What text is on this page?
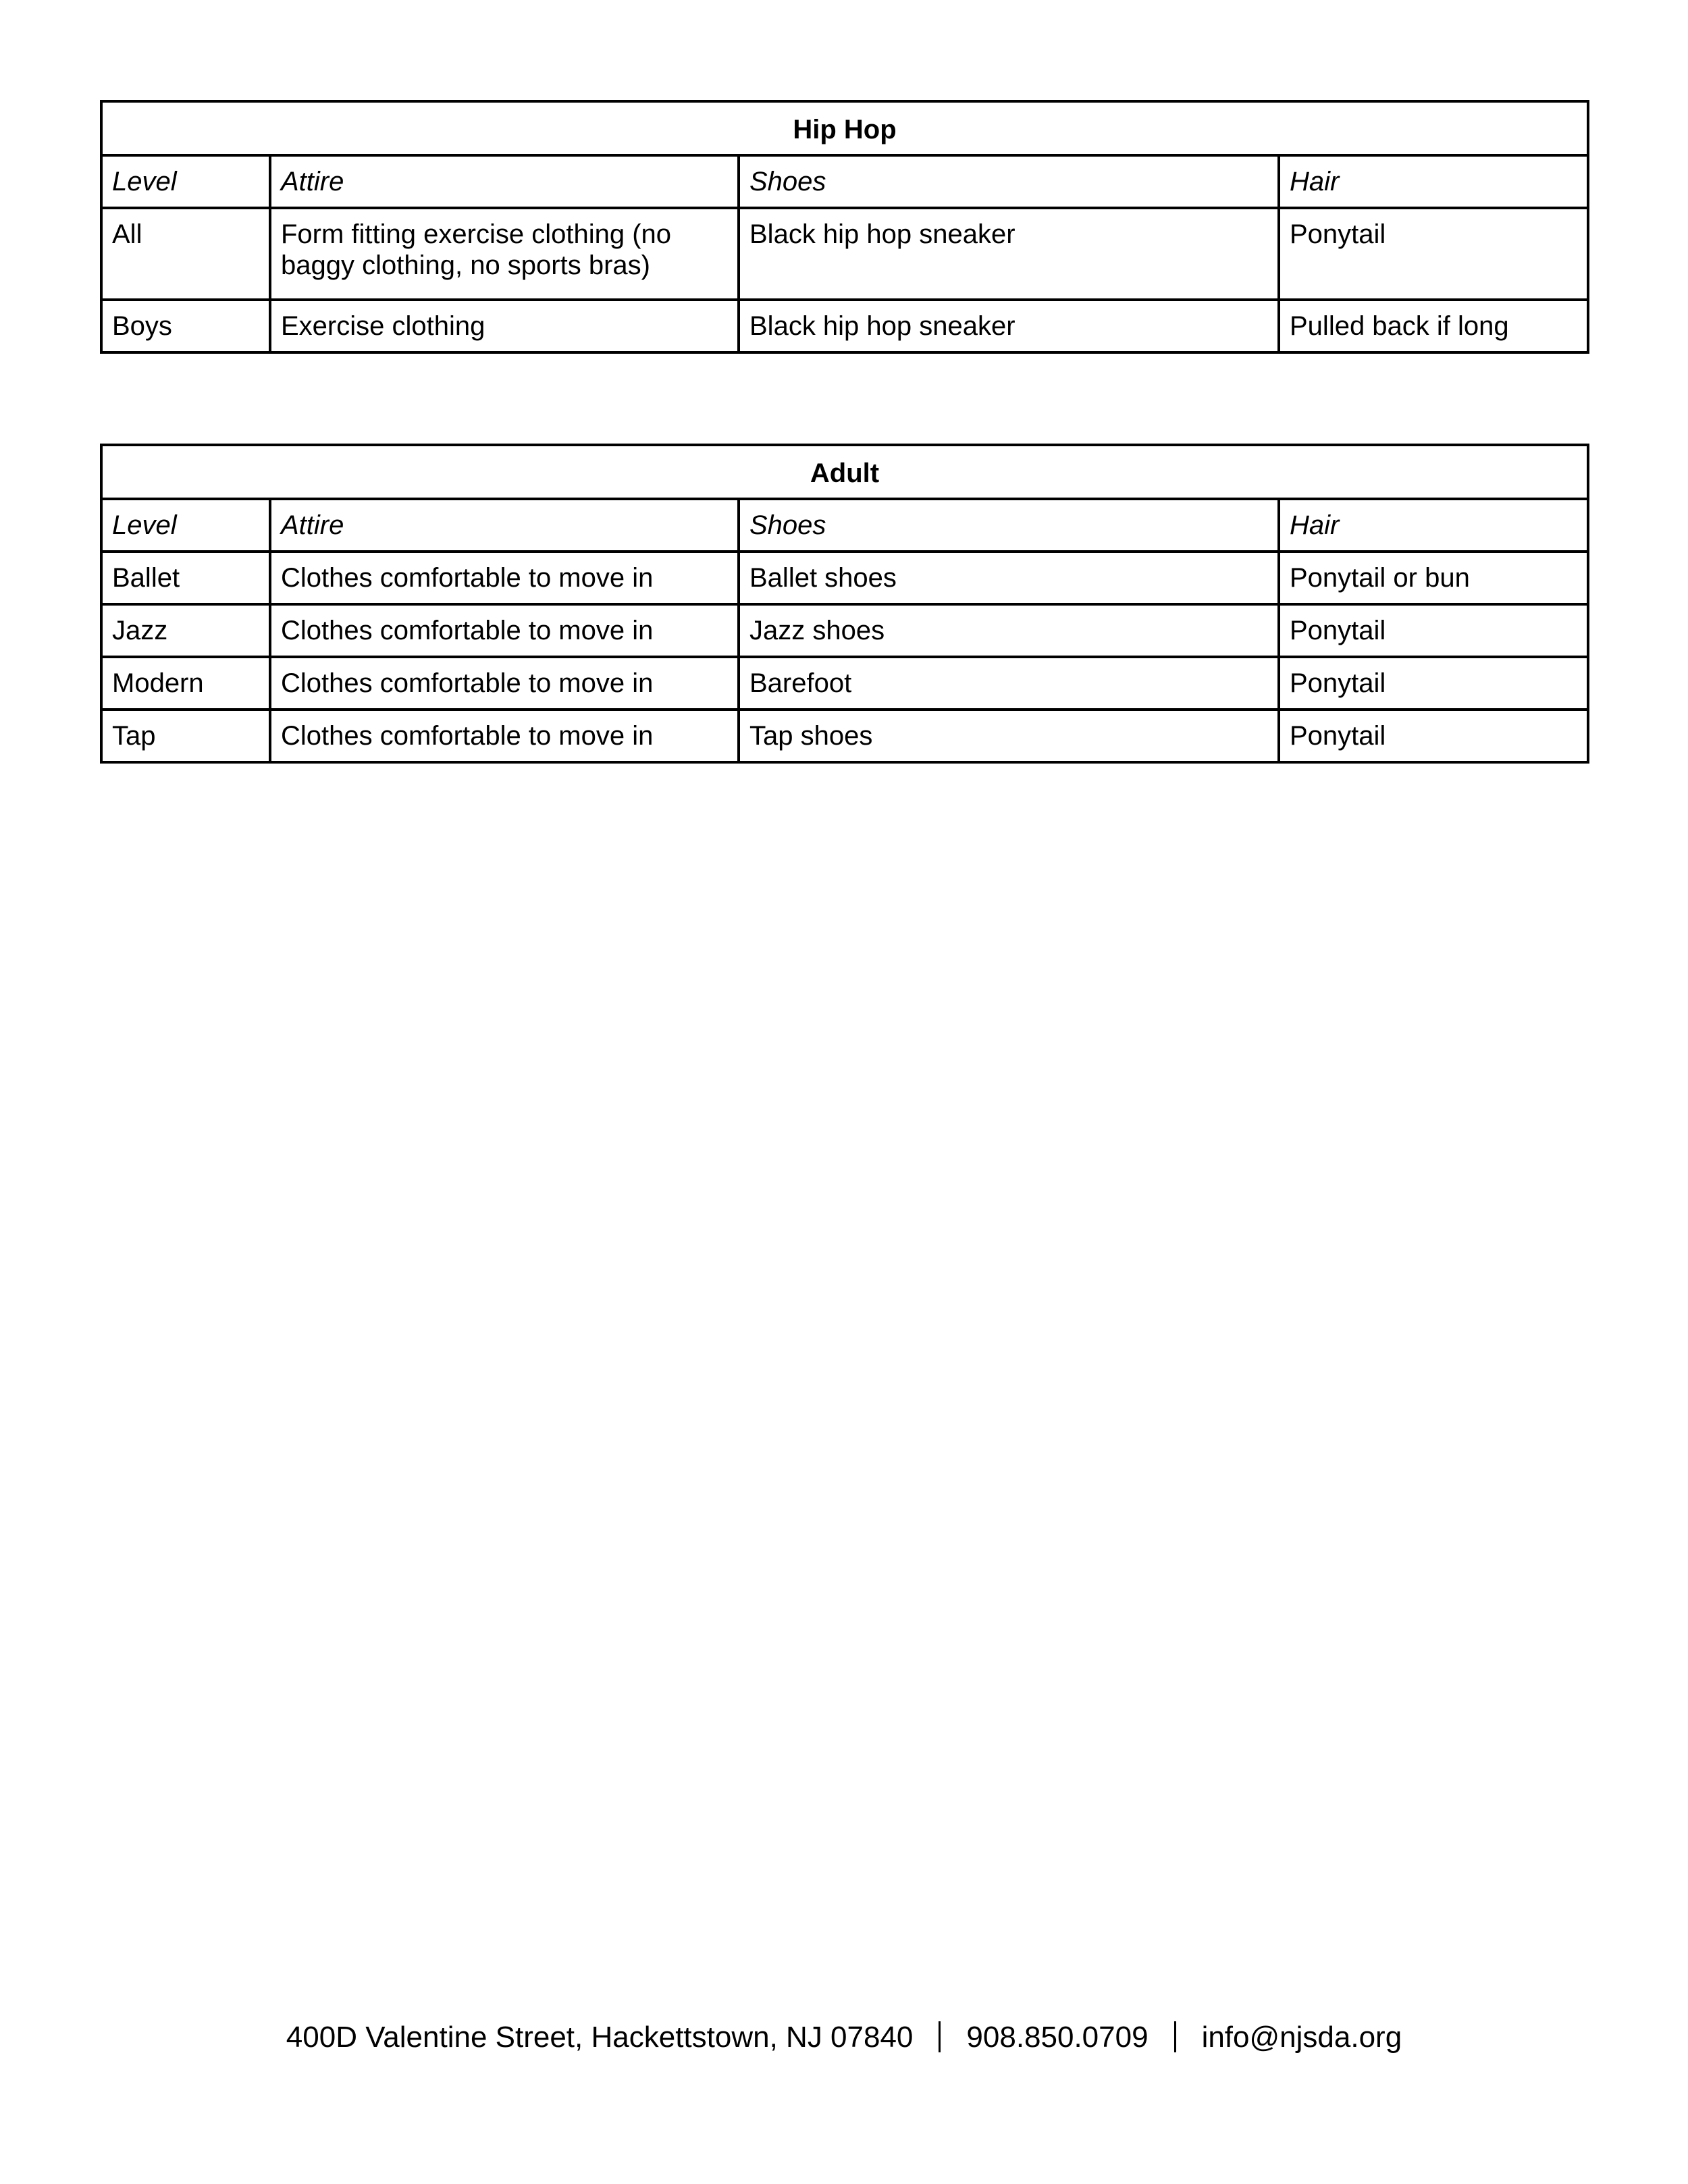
Hip Hop			
Level	Attire	Shoes	Hair
All	Form fitting exercise clothing (no baggy clothing, no sports bras)	Black hip hop sneaker	Ponytail
Boys	Exercise clothing	Black hip hop sneaker	Pulled back if long
Adult			
Level	Attire	Shoes	Hair
Ballet	Clothes comfortable to move in	Ballet shoes	Ponytail or bun
Jazz	Clothes comfortable to move in	Jazz shoes	Ponytail
Modern	Clothes comfortable to move in	Barefoot	Ponytail
Tap	Clothes comfortable to move in	Tap shoes	Ponytail
400D Valentine Street, Hackettstown, NJ 07840 908.850.0709 info@njsda.org
